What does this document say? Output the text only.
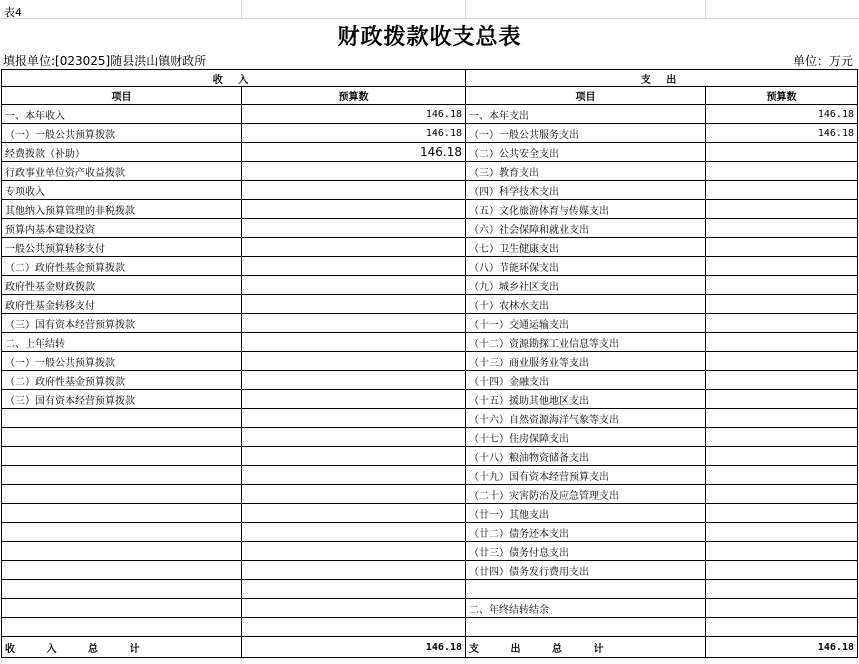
表4
财政拨款收支总表
填报单位:[023025]随县洪山镇财政所	单位：万元
收 入		支 出	
项目	预算数	项目	预算数
一、本年收入	146.18	一、本年支出	146.18
（一）一般公共预算拨款	146.18	（一）一般公共服务支出	146.18
经费拨款（补助）	146.18	（二）公共安全支出	
行政事业单位资产收益拨款		（三）教育支出	
专项收入		（四）科学技术支出	
其他纳入预算管理的非税拨款		（五）文化旅游体育与传媒支出	
预算内基本建设投资		（六）社会保障和就业支出	
一般公共预算转移支付		（七）卫生健康支出	
（二）政府性基金预算拨款		（八）节能环保支出	
政府性基金财政拨款		（九）城乡社区支出	
政府性基金转移支付		（十）农林水支出	
（三）国有资本经营预算拨款		（十一）交通运输支出	
二、上年结转		（十二）资源勘探工业信息等支出	
（一）一般公共预算拨款		（十三）商业服务业等支出	
（二）政府性基金预算拨款		（十四）金融支出	
（三）国有资本经营预算拨款		（十五）援助其他地区支出	
		（十六）自然资源海洋气象等支出	
		（十七）住房保障支出	
		（十八）粮油物资储备支出	
		（十九）国有资本经营预算支出	
		（二十）灾害防治及应急管理支出	
		（廿一）其他支出	
		（廿二）债务还本支出	
		（廿三）债务付息支出	
		（廿四）债务发行费用支出	

		二、年终结转结余	

收 入 总 计	146.18	支 出 总 计	146.18
